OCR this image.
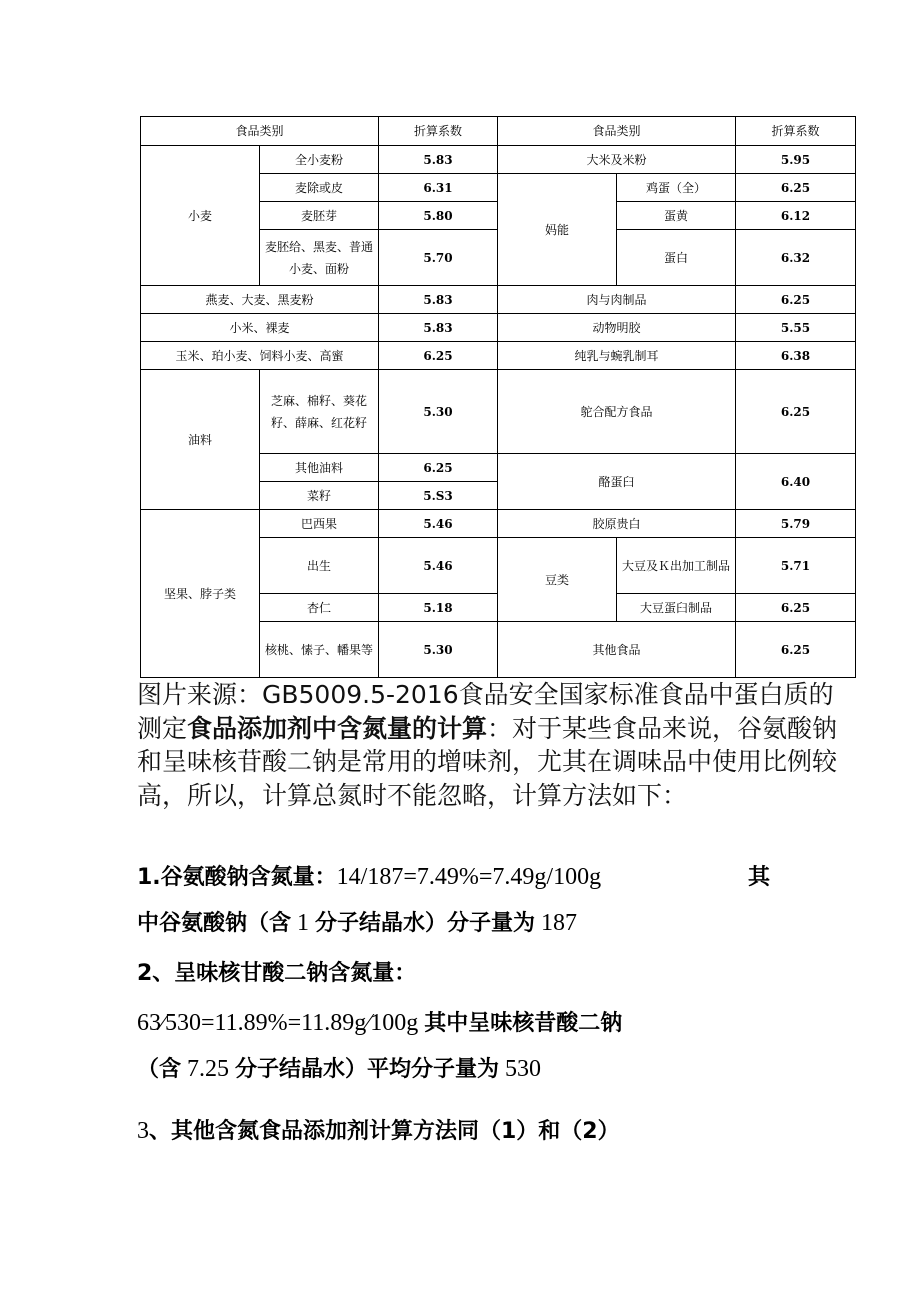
食品类别		折算系数	食品类别		折算系数
小麦	全小麦粉	5.83	大米及米粉		5.95
	麦除或皮	6.31	妈能	鸡蛋（全）	6.25
	麦胚芽	5.80		蛋黄	6.12
	麦胚给、黑麦、普通小麦、面粉	5.70		蛋白	6.32
燕麦、大麦、黑麦粉		5.83	肉与肉制品		6.25
小米、裸麦		5.83	动物明胶		5.55
玉米、珀小麦、饲料小麦、高蜜		6.25	纯乳与蜿乳制耳		6.38
油料	芝麻、棉籽、葵花籽、薛麻、红花籽	5.30	鸵合配方食品		6.25
	其他油料	6.25	酪蛋臼		6.40
	菜籽	5.S3			
坚果、脖子类	巴西果	5.46	胶原贵白		5.79
	出生	5.46	豆类	大豆及Ｋ出加工制品	5.71
	杏仁	5.18		大豆蛋臼制品	6.25
	核桃、愫子、幡果等	5.30	其他食品		6.25
图片来源：GB5009.5-2016食品安全国家标准食品中蛋白质的测定食品添加剂中含氮量的计算：对于某些食品来说，谷氨酸钠和呈味核苷酸二钠是常用的增味剂，尤其在调味品中使用比例较高，所以，计算总氮时不能忽略，计算方法如下：
1.谷氨酸钠含氮量：14/187=7.49%=7.49g/100g	其
中谷氨酸钠（含 1 分子结晶水）分子量为 187
2、呈味核甘酸二钠含氮量：
63⁄530=11.89%=11.89g⁄100g 其中呈味核昔酸二钠
（含 7.25 分子结晶水）平均分子量为 530
3、其他含氮食品添加剂计算方法同（1）和（2）
